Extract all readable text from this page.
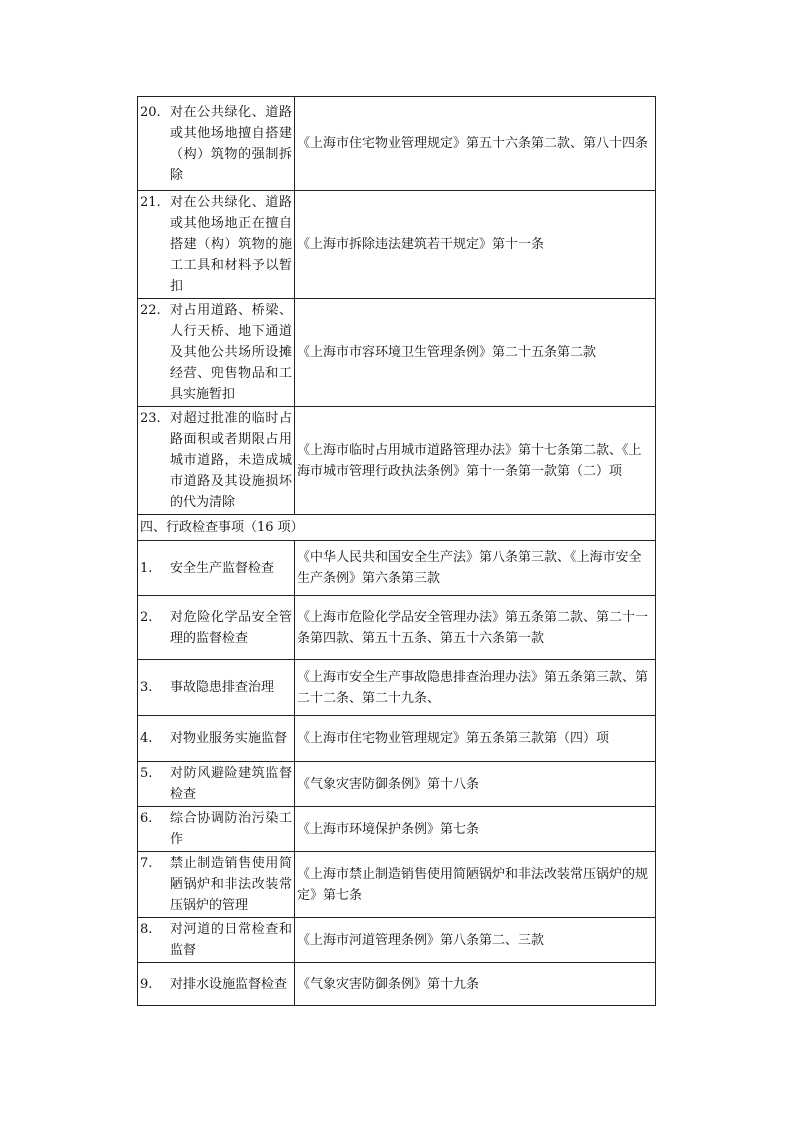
20. 对在公共绿化、道路或其他场地擅自搭建（构）筑物的强制拆除	《上海市住宅物业管理规定》第五十六条第二款、第八十四条

21. 对在公共绿化、道路或其他场地正在擅自搭建（构）筑物的施工工具和材料予以暂扣	《上海市拆除违法建筑若干规定》第十一条

22. 对占用道路、桥梁、人行天桥、地下通道及其他公共场所设摊经营、兜售物品和工具实施暂扣	《上海市市容环境卫生管理条例》第二十五条第二款

23. 对超过批准的临时占路面积或者期限占用城市道路，未造成城市道路及其设施损坏的代为清除	《上海市临时占用城市道路管理办法》第十七条第二款、《上海市城市管理行政执法条例》第十一条第一款第（二）项
四、行政检查事项（16 项）	

1. 安全生产监督检查	《中华人民共和国安全生产法》第八条第三款、《上海市安全生产条例》第六条第三款

2. 对危险化学品安全管理的监督检查	《上海市危险化学品安全管理办法》第五条第二款、第二十一条第四款、第五十五条、第五十六条第一款

3. 事故隐患排查治理	《上海市安全生产事故隐患排查治理办法》第五条第三款、第二十二条、第二十九条、

4. 对物业服务实施监督	《上海市住宅物业管理规定》第五条第三款第（四）项

5. 对防风避险建筑监督检查	《气象灾害防御条例》第十八条

6. 综合协调防治污染工作	《上海市环境保护条例》第七条

7. 禁止制造销售使用简陋锅炉和非法改装常压锅炉的管理	《上海市禁止制造销售使用简陋锅炉和非法改装常压锅炉的规定》第七条

8. 对河道的日常检查和监督	《上海市河道管理条例》第八条第二、三款

9. 对排水设施监督检查	《气象灾害防御条例》第十九条
